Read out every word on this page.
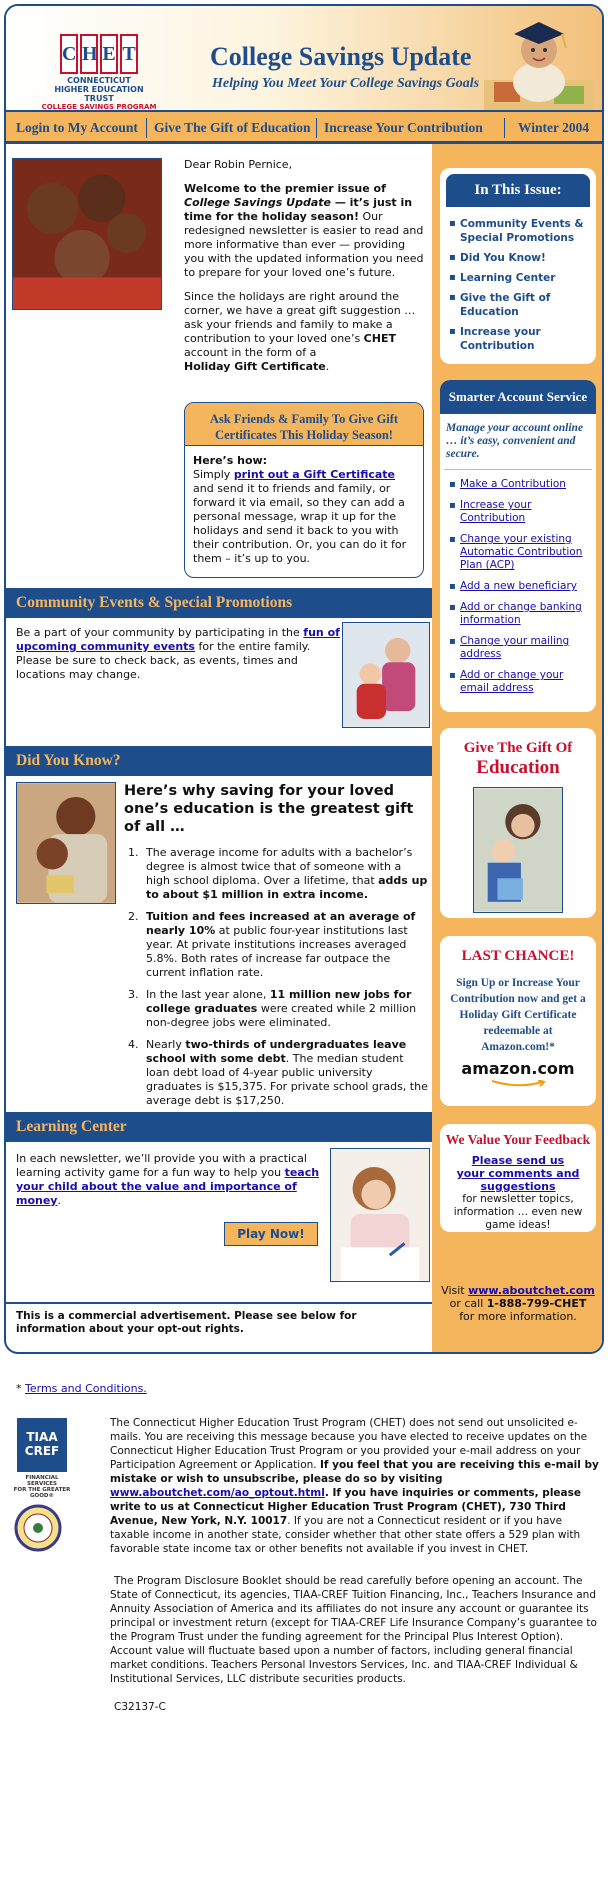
C H E T
CONNECTICUT
HIGHER EDUCATION TRUST
COLLEGE SAVINGS PROGRAM
College Savings Update
Helping You Meet Your College Savings Goals
Login to My Account Give The Gift of Education Increase Your Contribution	Winter 2004

Dear Robin Pernice,

Welcome to the premier issue of College Savings Update — it’s just in time for the holiday season! Our redesigned newsletter is easier to read and more informative than ever — providing you with the updated information you need to prepare for your loved one’s future.

Since the holidays are right around the corner, we have a great gift suggestion … ask your friends and family to make a contribution to your loved one’s CHET account in the form of a
Holiday Gift Certificate.

Ask Friends & Family To Give Gift Certificates This Holiday Season!

Here’s how:
Simply print out a Gift Certificate and send it to friends and family, or forward it via email, so they can add a personal message, wrap it up for the holidays and send it back to you with their contribution. Or, you can do it for them – it’s up to you.

Community Events & Special Promotions

Be a part of your community by participating in the fun of upcoming community events for the entire family. Please be sure to check back, as events, times and locations may change.

Did You Know?

Here’s why saving for your loved one’s education is the greatest gift of all …

1. The average income for adults with a bachelor’s degree is almost twice that of someone with a high school diploma. Over a lifetime, that adds up to about $1 million in extra income.
2. Tuition and fees increased at an average of nearly 10% at public four-year institutions last year. At private institutions increases averaged 5.8%. Both rates of increase far outpace the current inflation rate.
3. In the last year alone, 11 million new jobs for college graduates were created while 2 million non-degree jobs were eliminated.
4. Nearly two-thirds of undergraduates leave school with some debt. The median student loan debt load of 4-year public university graduates is $15,375. For private school grads, the average debt is $17,250.
Learning Center

In each newsletter, we’ll provide you with a practical learning activity game for a fun way to help you teach your child about the value and importance of money.

Play Now!
This is a commercial advertisement. Please see below for information about your opt-out rights.
In This Issue:
▪ Community Events & Special Promotions
▪ Did You Know!
▪ Learning Center
▪ Give the Gift of Education
▪ Increase your Contribution
Smarter Account Service

Manage your account online … it’s easy, convenient and secure.

▪ Make a Contribution
▪ Increase your Contribution
▪ Change your existing Automatic Contribution Plan (ACP)
▪ Add a new beneficiary
▪ Add or change banking information
▪ Change your mailing address
▪ Add or change your email address
Give The Gift Of
Education
LAST CHANCE!

Sign Up or Increase Your Contribution now and get a Holiday Gift Certificate redeemable at Amazon.com!*

amazon.com
We Value Your Feedback

Please send us your comments and suggestions

for newsletter topics, information … even new game ideas!

Visit www.aboutchet.com
or call 1-888-799-CHET
for more information.
* Terms and Conditions.
TIAA
CREF
FINANCIAL SERVICES
FOR THE GREATER GOOD®

The Connecticut Higher Education Trust Program (CHET) does not send out unsolicited e-mails. You are receiving this message because you have elected to receive updates on the Connecticut Higher Education Trust Program or you provided your e-mail address on your Participation Agreement or Application. If you feel that you are receiving this e-mail by mistake or wish to unsubscribe, please do so by visiting www.aboutchet.com/ao_optout.html. If you have inquiries or comments, please write to us at Connecticut Higher Education Trust Program (CHET), 730 Third Avenue, New York, N.Y. 10017. If you are not a Connecticut resident or if you have taxable income in another state, consider whether that other state offers a 529 plan with favorable state income tax or other benefits not available if you invest in CHET.

The Program Disclosure Booklet should be read carefully before opening an account. The State of Connecticut, its agencies, TIAA-CREF Tuition Financing, Inc., Teachers Insurance and Annuity Association of America and its affiliates do not insure any account or guarantee its principal or investment return (except for TIAA-CREF Life Insurance Company’s guarantee to the Program Trust under the funding agreement for the Principal Plus Interest Option). Account value will fluctuate based upon a number of factors, including general financial market conditions. Teachers Personal Investors Services, Inc. and TIAA-CREF Individual & Institutional Services, LLC distribute securities products.

C32137-C
